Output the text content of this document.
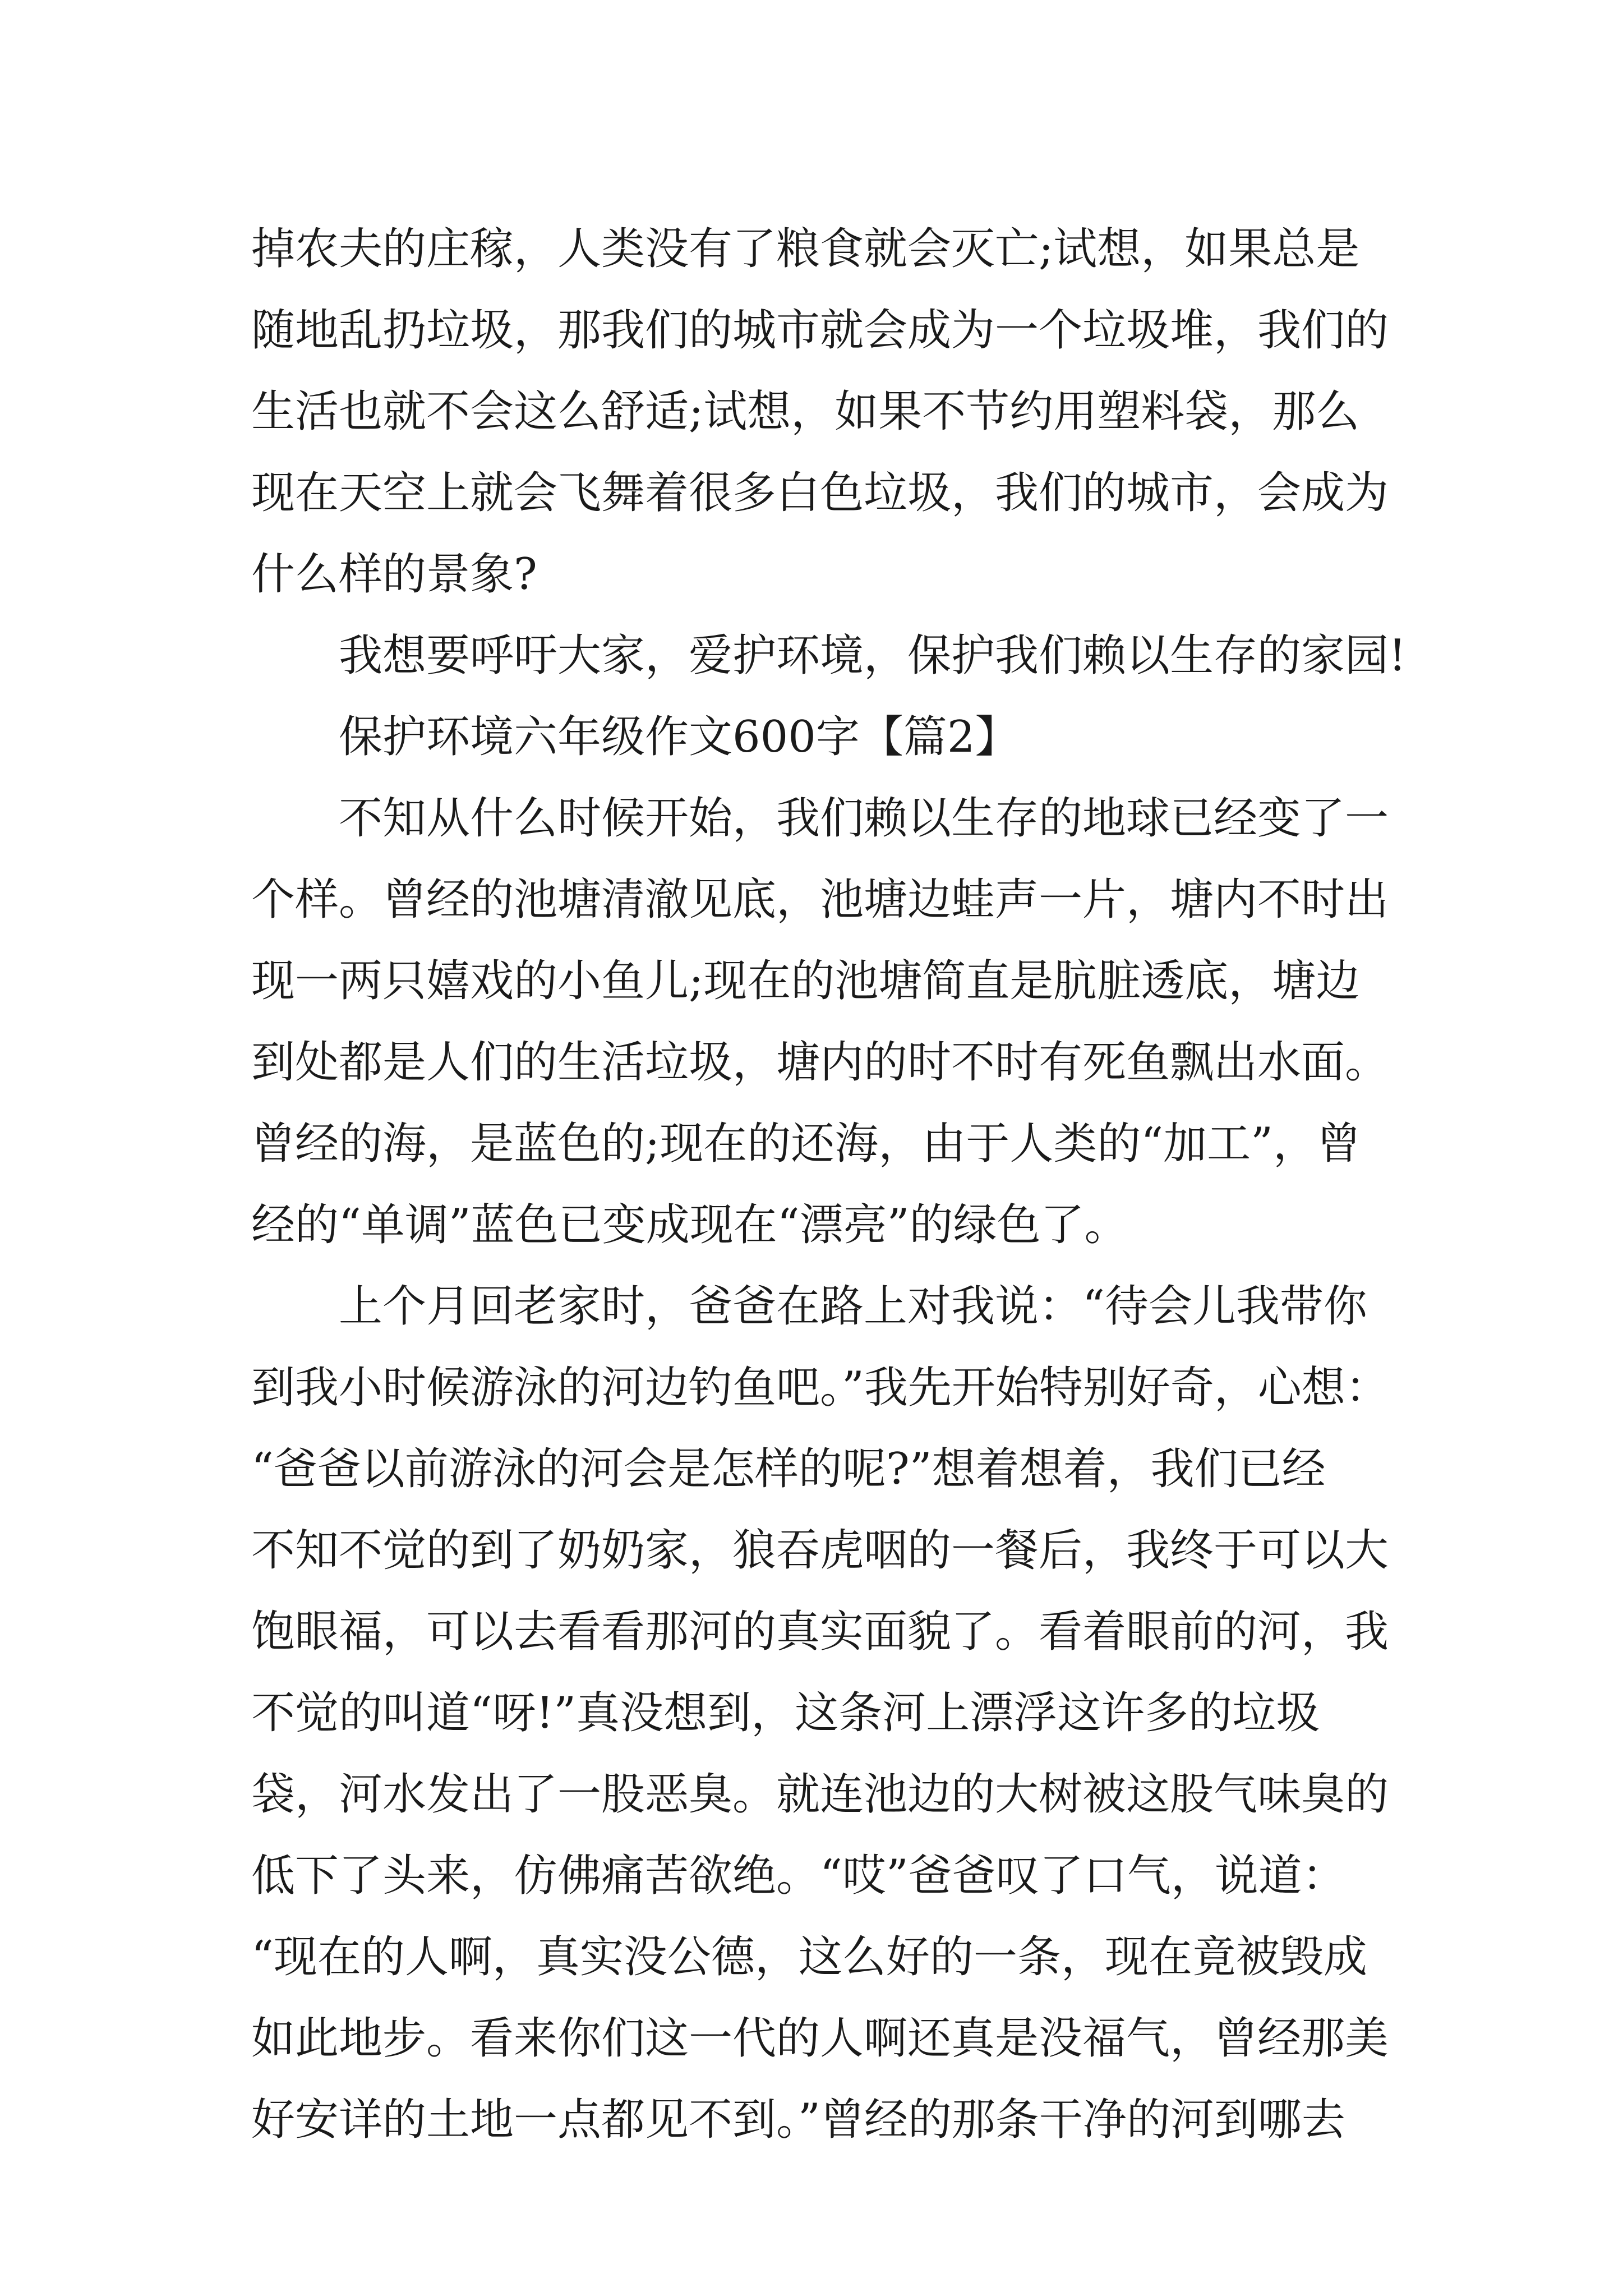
掉农夫的庄稼，人类没有了粮食就会灭亡;试想，如果总是
随地乱扔垃圾，那我们的城市就会成为一个垃圾堆，我们的
生活也就不会这么舒适;试想，如果不节约用塑料袋，那么
现在天空上就会飞舞着很多白色垃圾，我们的城市，会成为
什么样的景象?
我想要呼吁大家，爱护环境，保护我们赖以生存的家园!
保护环境六年级作文600字【篇2】
不知从什么时候开始，我们赖以生存的地球已经变了一
个样。曾经的池塘清澈见底，池塘边蛙声一片，塘内不时出
现一两只嬉戏的小鱼儿;现在的池塘简直是肮脏透底，塘边
到处都是人们的生活垃圾，塘内的时不时有死鱼飘出水面。
曾经的海，是蓝色的;现在的还海，由于人类的“加工”，曾
经的“单调”蓝色已变成现在“漂亮”的绿色了。
上个月回老家时，爸爸在路上对我说：“待会儿我带你
到我小时候游泳的河边钓鱼吧。”我先开始特别好奇，心想：
“爸爸以前游泳的河会是怎样的呢?”想着想着，我们已经
不知不觉的到了奶奶家，狼吞虎咽的一餐后，我终于可以大
饱眼福，可以去看看那河的真实面貌了。看着眼前的河，我
不觉的叫道“呀!”真没想到，这条河上漂浮这许多的垃圾
袋，河水发出了一股恶臭。就连池边的大树被这股气味臭的
低下了头来，仿佛痛苦欲绝。“哎”爸爸叹了口气，说道：
“现在的人啊，真实没公德，这么好的一条，现在竟被毁成
如此地步。看来你们这一代的人啊还真是没福气，曾经那美
好安详的土地一点都见不到。”曾经的那条干净的河到哪去
